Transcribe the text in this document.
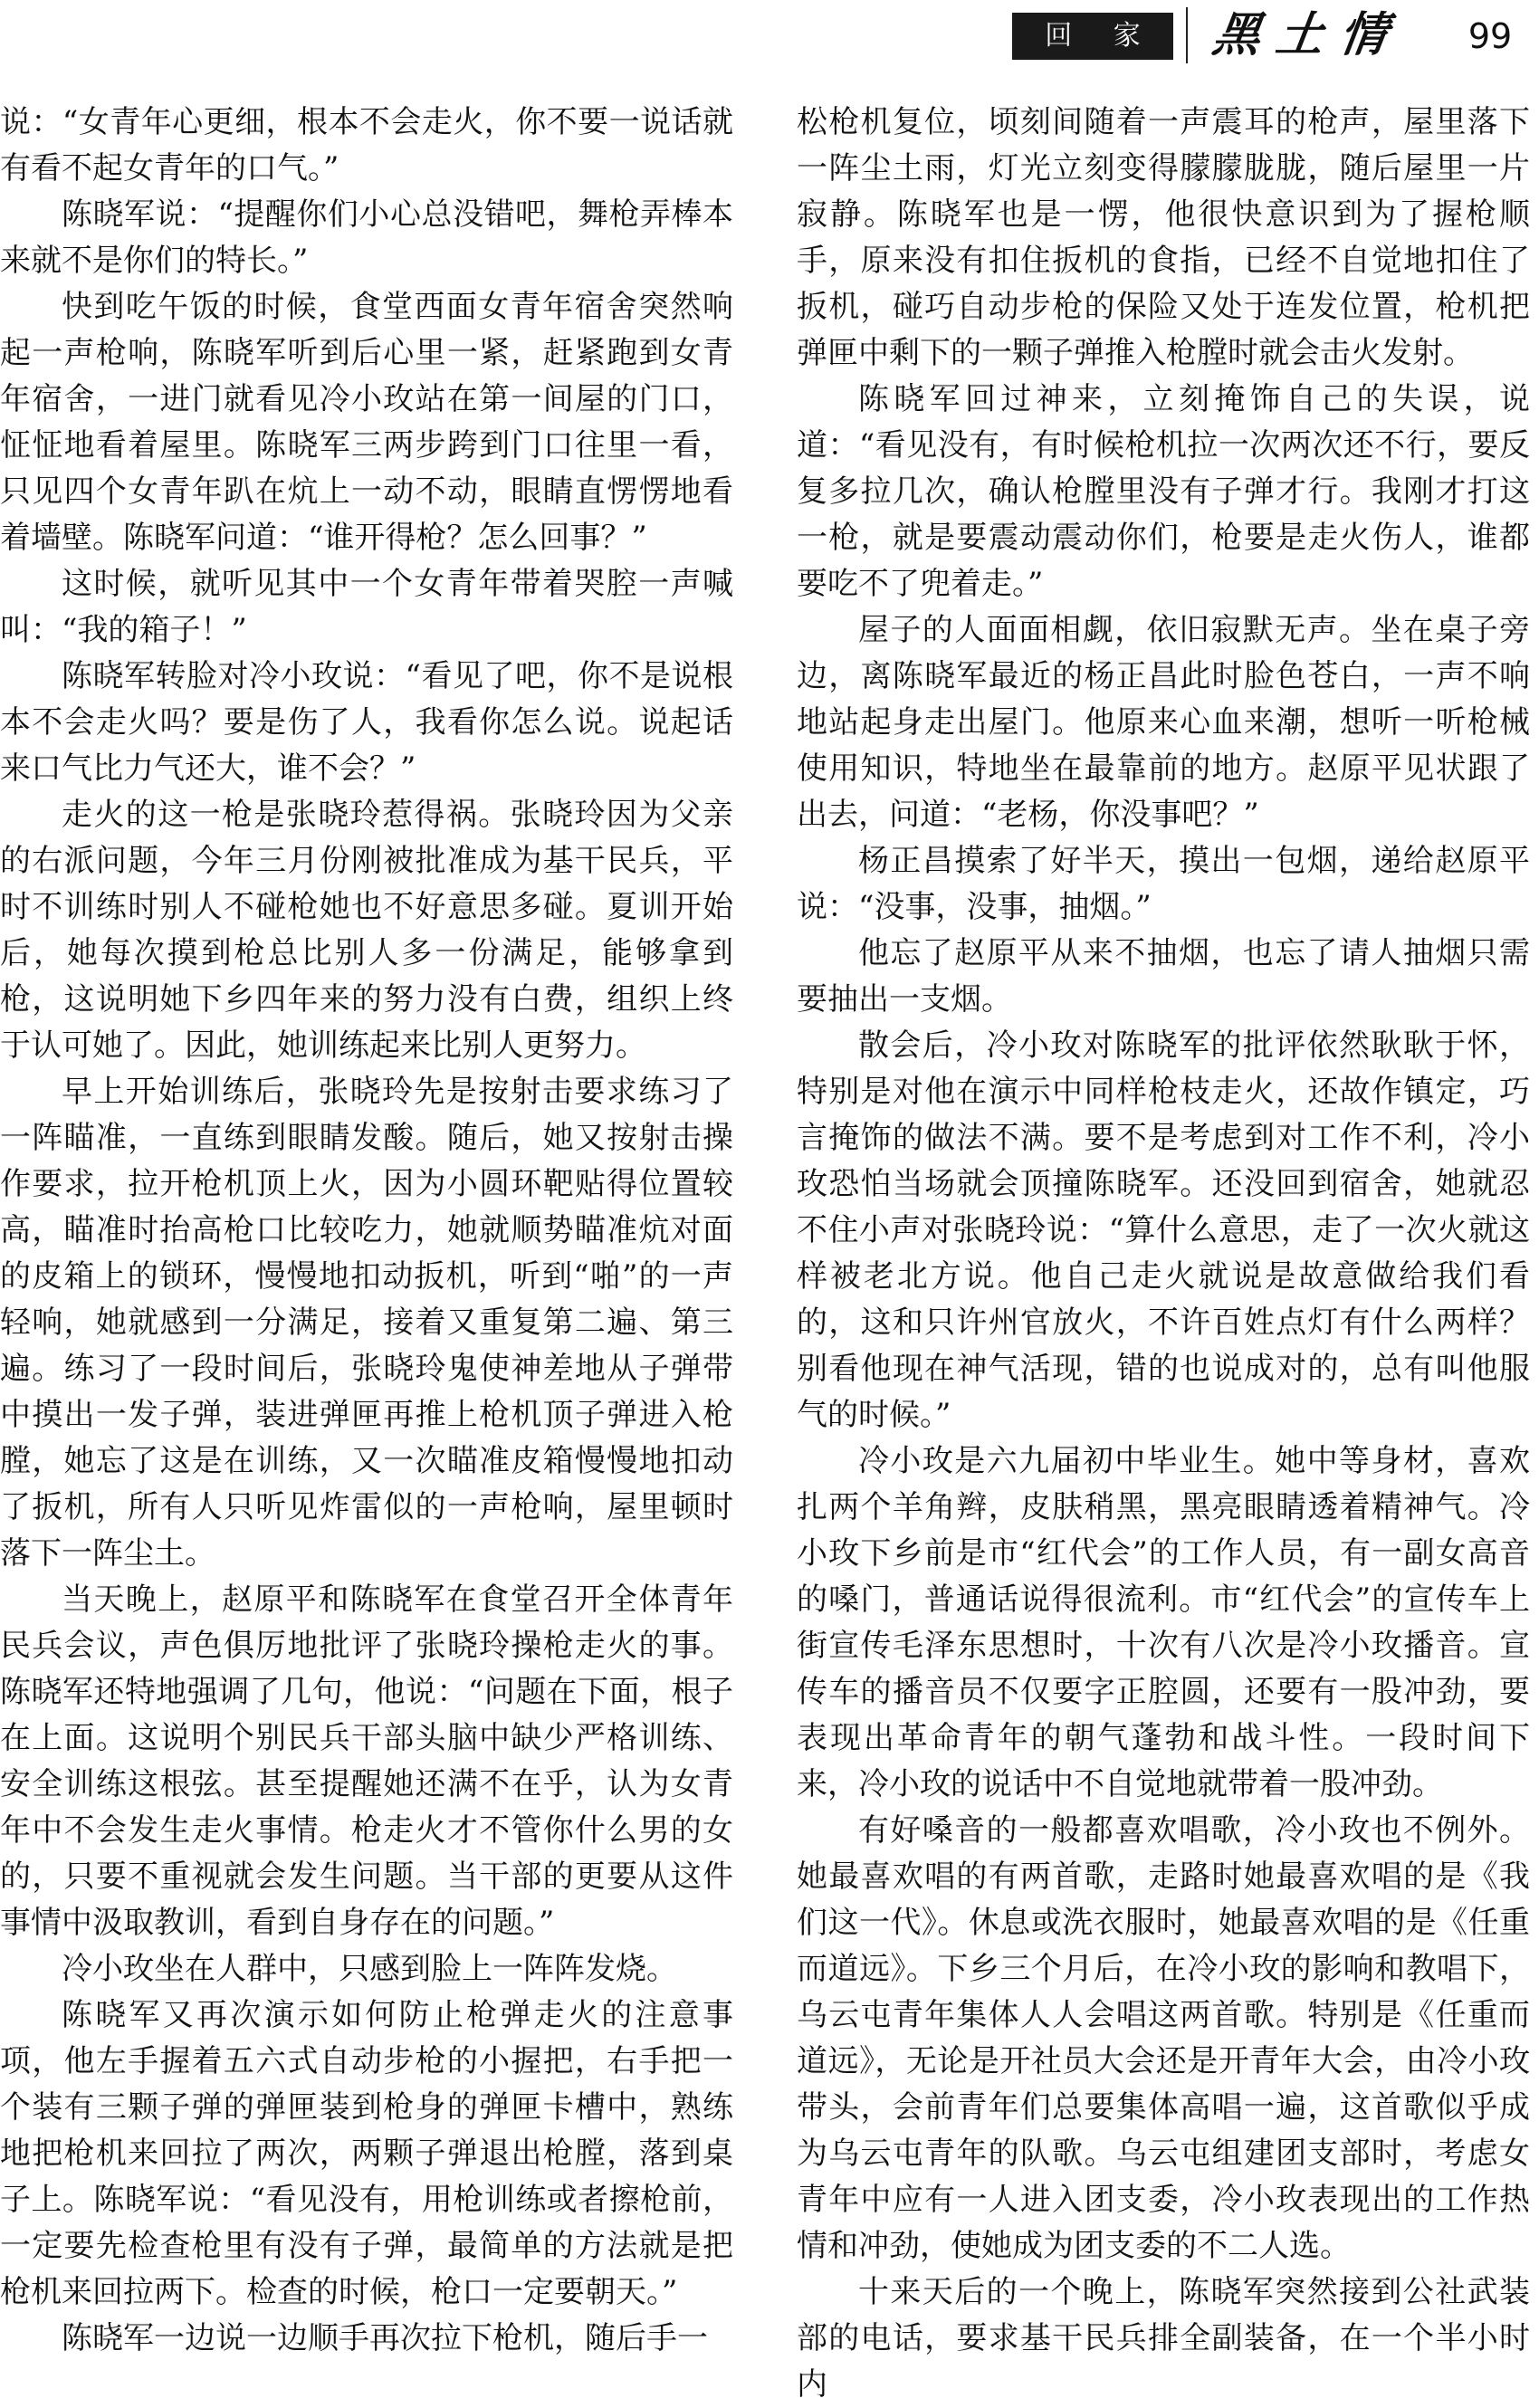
回 家	黑土情	99

说：“女青年心更细，根本不会走火，你不要一说话就有看不起女青年的口气。”

陈晓军说：“提醒你们小心总没错吧，舞枪弄棒本来就不是你们的特长。”

快到吃午饭的时候，食堂西面女青年宿舍突然响起一声枪响，陈晓军听到后心里一紧，赶紧跑到女青年宿舍，一进门就看见冷小玫站在第一间屋的门口，怔怔地看着屋里。陈晓军三两步跨到门口往里一看，只见四个女青年趴在炕上一动不动，眼睛直愣愣地看着墙壁。陈晓军问道：“谁开得枪？怎么回事？”

这时候，就听见其中一个女青年带着哭腔一声喊叫：“我的箱子！”

陈晓军转脸对冷小玫说：“看见了吧，你不是说根本不会走火吗？要是伤了人，我看你怎么说。说起话来口气比力气还大，谁不会？”

走火的这一枪是张晓玲惹得祸。张晓玲因为父亲的右派问题，今年三月份刚被批准成为基干民兵，平时不训练时别人不碰枪她也不好意思多碰。夏训开始后，她每次摸到枪总比别人多一份满足，能够拿到枪，这说明她下乡四年来的努力没有白费，组织上终于认可她了。因此，她训练起来比别人更努力。

早上开始训练后，张晓玲先是按射击要求练习了一阵瞄准，一直练到眼睛发酸。随后，她又按射击操作要求，拉开枪机顶上火，因为小圆环靶贴得位置较高，瞄准时抬高枪口比较吃力，她就顺势瞄准炕对面的皮箱上的锁环，慢慢地扣动扳机，听到“啪”的一声轻响，她就感到一分满足，接着又重复第二遍、第三遍。练习了一段时间后，张晓玲鬼使神差地从子弹带中摸出一发子弹，装进弹匣再推上枪机顶子弹进入枪膛，她忘了这是在训练，又一次瞄准皮箱慢慢地扣动了扳机，所有人只听见炸雷似的一声枪响，屋里顿时落下一阵尘土。

当天晚上，赵原平和陈晓军在食堂召开全体青年民兵会议，声色俱厉地批评了张晓玲操枪走火的事。陈晓军还特地强调了几句，他说：“问题在下面，根子在上面。这说明个别民兵干部头脑中缺少严格训练、安全训练这根弦。甚至提醒她还满不在乎，认为女青年中不会发生走火事情。枪走火才不管你什么男的女的，只要不重视就会发生问题。当干部的更要从这件事情中汲取教训，看到自身存在的问题。”

冷小玫坐在人群中，只感到脸上一阵阵发烧。

陈晓军又再次演示如何防止枪弹走火的注意事项，他左手握着五六式自动步枪的小握把，右手把一个装有三颗子弹的弹匣装到枪身的弹匣卡槽中，熟练地把枪机来回拉了两次，两颗子弹退出枪膛，落到桌子上。陈晓军说：“看见没有，用枪训练或者擦枪前，一定要先检查枪里有没有子弹，最简单的方法就是把枪机来回拉两下。检查的时候，枪口一定要朝天。”

陈晓军一边说一边顺手再次拉下枪机，随后手一

松枪机复位，顷刻间随着一声震耳的枪声，屋里落下一阵尘土雨，灯光立刻变得朦朦胧胧，随后屋里一片寂静。陈晓军也是一愣，他很快意识到为了握枪顺手，原来没有扣住扳机的食指，已经不自觉地扣住了扳机，碰巧自动步枪的保险又处于连发位置，枪机把弹匣中剩下的一颗子弹推入枪膛时就会击火发射。

陈晓军回过神来，立刻掩饰自己的失误，说道：“看见没有，有时候枪机拉一次两次还不行，要反复多拉几次，确认枪膛里没有子弹才行。我刚才打这一枪，就是要震动震动你们，枪要是走火伤人，谁都要吃不了兜着走。”

屋子的人面面相觑，依旧寂默无声。坐在桌子旁边，离陈晓军最近的杨正昌此时脸色苍白，一声不响地站起身走出屋门。他原来心血来潮，想听一听枪械使用知识，特地坐在最靠前的地方。赵原平见状跟了出去，问道：“老杨，你没事吧？”

杨正昌摸索了好半天，摸出一包烟，递给赵原平说：“没事，没事，抽烟。”

他忘了赵原平从来不抽烟，也忘了请人抽烟只需要抽出一支烟。

散会后，冷小玫对陈晓军的批评依然耿耿于怀，特别是对他在演示中同样枪枝走火，还故作镇定，巧言掩饰的做法不满。要不是考虑到对工作不利，冷小玫恐怕当场就会顶撞陈晓军。还没回到宿舍，她就忍不住小声对张晓玲说：“算什么意思，走了一次火就这样被老北方说。他自己走火就说是故意做给我们看的，这和只许州官放火，不许百姓点灯有什么两样？别看他现在神气活现，错的也说成对的，总有叫他服气的时候。”

冷小玫是六九届初中毕业生。她中等身材，喜欢扎两个羊角辫，皮肤稍黑，黑亮眼睛透着精神气。冷小玫下乡前是市“红代会”的工作人员，有一副女高音的嗓门，普通话说得很流利。市“红代会”的宣传车上街宣传毛泽东思想时，十次有八次是冷小玫播音。宣传车的播音员不仅要字正腔圆，还要有一股冲劲，要表现出革命青年的朝气蓬勃和战斗性。一段时间下来，冷小玫的说话中不自觉地就带着一股冲劲。

有好嗓音的一般都喜欢唱歌，冷小玫也不例外。她最喜欢唱的有两首歌，走路时她最喜欢唱的是《我们这一代》。休息或洗衣服时，她最喜欢唱的是《任重而道远》。下乡三个月后，在冷小玫的影响和教唱下，乌云屯青年集体人人会唱这两首歌。特别是《任重而道远》，无论是开社员大会还是开青年大会，由冷小玫带头，会前青年们总要集体高唱一遍，这首歌似乎成为乌云屯青年的队歌。乌云屯组建团支部时，考虑女青年中应有一人进入团支委，冷小玫表现出的工作热情和冲劲，使她成为团支委的不二人选。

十来天后的一个晚上，陈晓军突然接到公社武装部的电话，要求基干民兵排全副装备，在一个半小时内
